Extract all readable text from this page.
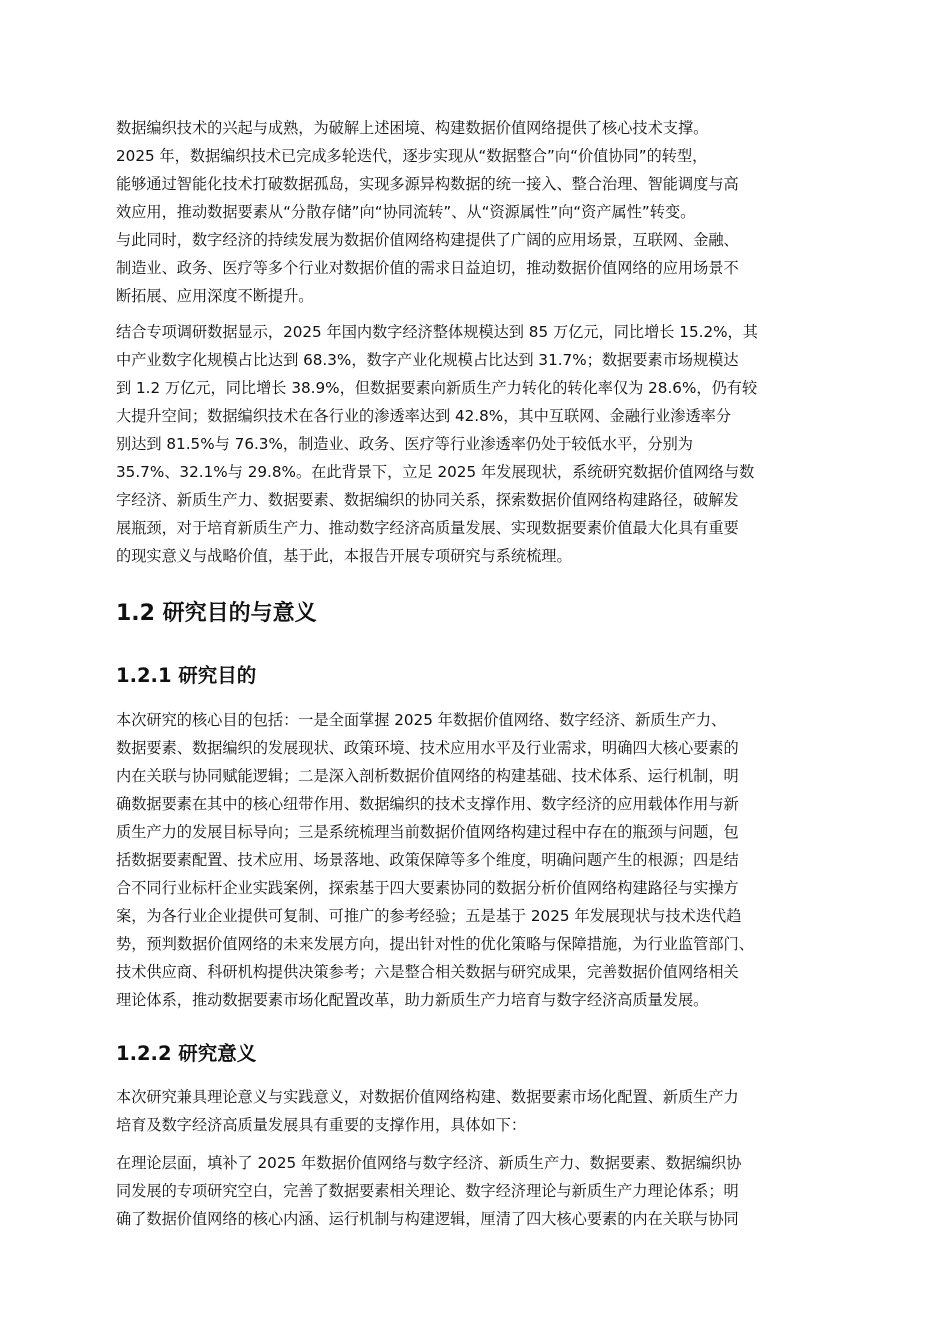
数据编织技术的兴起与成熟，为破解上述困境、构建数据价值网络提供了核心技术支撑。
2025 年，数据编织技术已完成多轮迭代，逐步实现从“数据整合”向“价值协同”的转型，
能够通过智能化技术打破数据孤岛，实现多源异构数据的统一接入、整合治理、智能调度与高
效应用，推动数据要素从“分散存储”向“协同流转”、从“资源属性”向“资产属性”转变。
与此同时，数字经济的持续发展为数据价值网络构建提供了广阔的应用场景，互联网、金融、
制造业、政务、医疗等多个行业对数据价值的需求日益迫切，推动数据价值网络的应用场景不
断拓展、应用深度不断提升。
结合专项调研数据显示，2025 年国内数字经济整体规模达到 85 万亿元，同比增长 15.2%，其
中产业数字化规模占比达到 68.3%，数字产业化规模占比达到 31.7%；数据要素市场规模达
到 1.2 万亿元，同比增长 38.9%，但数据要素向新质生产力转化的转化率仅为 28.6%，仍有较
大提升空间；数据编织技术在各行业的渗透率达到 42.8%，其中互联网、金融行业渗透率分
别达到 81.5%与 76.3%，制造业、政务、医疗等行业渗透率仍处于较低水平，分别为
35.7%、32.1%与 29.8%。在此背景下，立足 2025 年发展现状，系统研究数据价值网络与数
字经济、新质生产力、数据要素、数据编织的协同关系，探索数据价值网络构建路径，破解发
展瓶颈，对于培育新质生产力、推动数字经济高质量发展、实现数据要素价值最大化具有重要
的现实意义与战略价值，基于此，本报告开展专项研究与系统梳理。
1.2 研究目的与意义
1.2.1 研究目的
本次研究的核心目的包括：一是全面掌握 2025 年数据价值网络、数字经济、新质生产力、
数据要素、数据编织的发展现状、政策环境、技术应用水平及行业需求，明确四大核心要素的
内在关联与协同赋能逻辑；二是深入剖析数据价值网络的构建基础、技术体系、运行机制，明
确数据要素在其中的核心纽带作用、数据编织的技术支撑作用、数字经济的应用载体作用与新
质生产力的发展目标导向；三是系统梳理当前数据价值网络构建过程中存在的瓶颈与问题，包
括数据要素配置、技术应用、场景落地、政策保障等多个维度，明确问题产生的根源；四是结
合不同行业标杆企业实践案例，探索基于四大要素协同的数据分析价值网络构建路径与实操方
案，为各行业企业提供可复制、可推广的参考经验；五是基于 2025 年发展现状与技术迭代趋
势，预判数据价值网络的未来发展方向，提出针对性的优化策略与保障措施，为行业监管部门、
技术供应商、科研机构提供决策参考；六是整合相关数据与研究成果，完善数据价值网络相关
理论体系，推动数据要素市场化配置改革，助力新质生产力培育与数字经济高质量发展。
1.2.2 研究意义
本次研究兼具理论意义与实践意义，对数据价值网络构建、数据要素市场化配置、新质生产力
培育及数字经济高质量发展具有重要的支撑作用，具体如下：
在理论层面，填补了 2025 年数据价值网络与数字经济、新质生产力、数据要素、数据编织协
同发展的专项研究空白，完善了数据要素相关理论、数字经济理论与新质生产力理论体系；明
确了数据价值网络的核心内涵、运行机制与构建逻辑，厘清了四大核心要素的内在关联与协同
